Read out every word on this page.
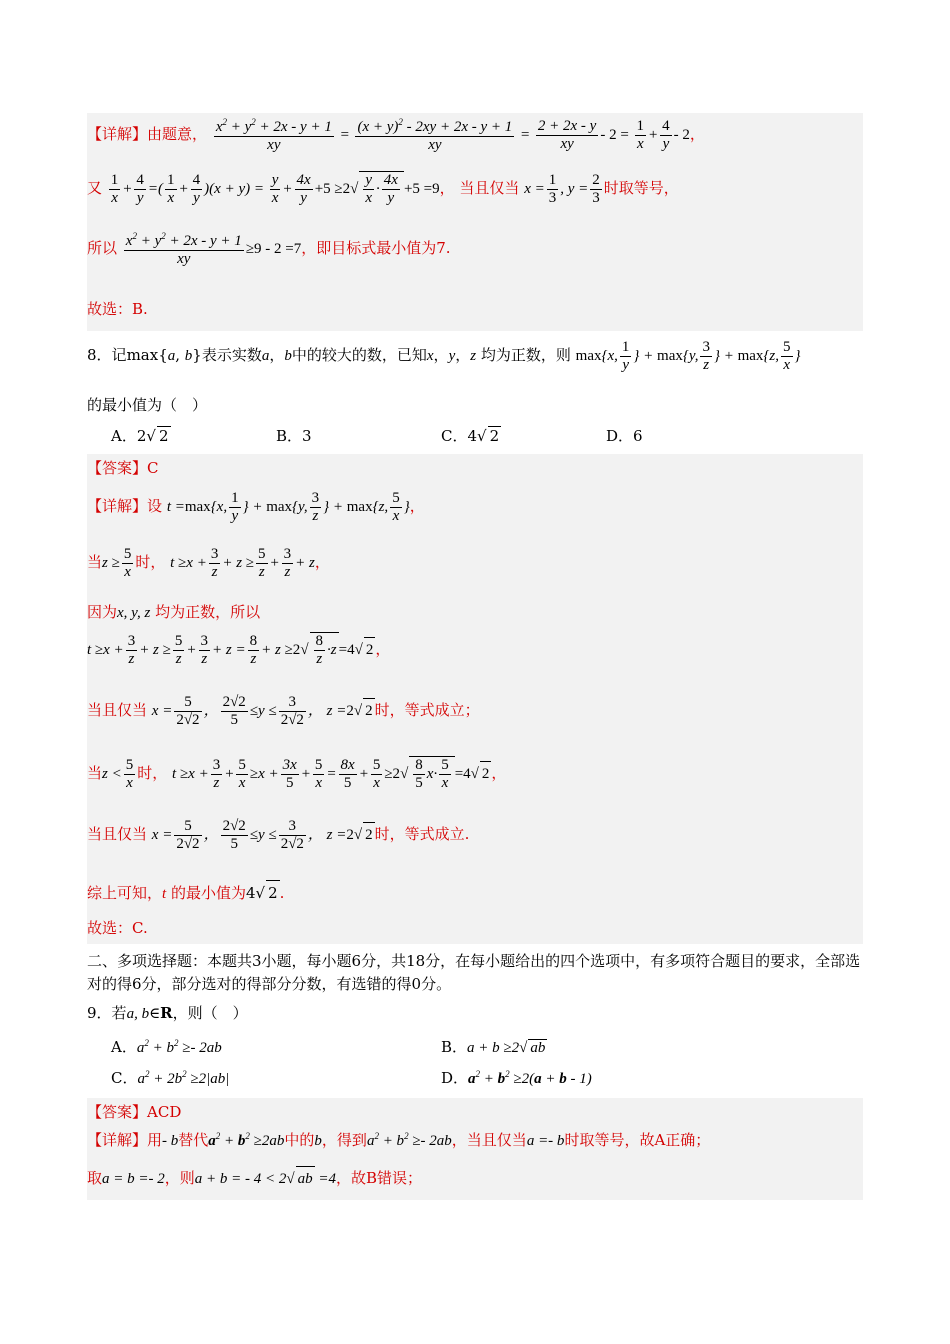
【详解】由题意， $\frac{x^2 + y^2 + 2x - y + 1}{xy} = \frac{(x + y)^2 - 2xy + 2x - y + 1}{xy} = \frac{2 + 2x - y}{xy} - 2 = \frac{1}{x} + \frac{4}{y} - 2$，
又 $\frac{1}{x} + \frac{4}{y}$ =( $\frac{1}{x} + \frac{4}{y} )(x + y) = \frac{y}{x} + \frac{4x}{y} +5 \ge 2√ \frac{y}{x} \cdot \frac{4x}{y} +5 =9$， 当且仅当 $x = \frac{1}{3}$ , $y = \frac{2}{3}$ 时取等号，
所以 $\frac{x^2 + y^2 + 2x - y + 1}{xy} \ge 9 - 2 =7$，即目标式最小值为7.
故选：B.
8．记max{a, b}表示实数a，b中的较大的数，已知x，y，z 均为正数，则 max{x, $\frac{1}{y}$ } + max{y, $\frac{3}{z}$ } + max{z, $\frac{5}{x}$ }
的最小值为（　）
A．2√ 2	B．3	C．4√ 2	D．6
【答案】C
【详解】设 t =max{x, $\frac{1}{y}$ } + max{y, $\frac{3}{z}$ } + max{z, $\frac{5}{x}$ }，
当$z \ge \frac{5}{x}$ 时， $t \ge x + \frac{3}{z} + z \ge \frac{5}{z} + \frac{3}{z} + z$，
因为x, y, z 均为正数，所以
$t \ge x + \frac{3}{z} + z \ge \frac{5}{z} + \frac{3}{z} + z = \frac{8}{z} + z \ge 2√ \frac{8}{z} \cdot z =4√$ 2 ，
当且仅当 $x = \frac{5}{2√2}$ ， $\frac{2√2}{5} \le y \le \frac{3}{2√2}$ ， z =2√ 2 时，等式成立；
当$z < \frac{5}{x}$ 时， $t \ge x + \frac{3}{z} + \frac{5}{x} \ge x + \frac{3x}{5} + \frac{5}{x} = \frac{8x}{5} + \frac{5}{x} \ge 2√ \frac{8}{5} x\cdot \frac{5}{x} =4√$ 2 ，
当且仅当 $x = \frac{5}{2√2}$ ， $\frac{2√2}{5} \le y \le \frac{3}{2√2}$ ， z =2√ 2 时，等式成立.
综上可知，t 的最小值为4√ 2 .
故选：C.
二、多项选择题：本题共3小题，每小题6分，共18分，在每小题给出的四个选项中，有多项符合题目的要求，全部选对的得6分，部分选对的得部分分数，有选错的得0分。
9．若a, b∈R，则（　）
A．$a^2 + b^2 \ge- 2ab$	B．a + b ≥2√ ab
C．$a^2 + 2b^2 \ge 2|ab|$	D．$a^2 + b^2 \ge 2(a + b - 1)$
【答案】ACD
【详解】用- b替代$a^2 + b^2 \ge 2ab$中的b，得到$a^2 + b^2 \ge- 2ab$，当且仅当a =- b时取等号，故A正确；
取a = b =- 2，则a + b = - 4 < 2√ ab =4，故B错误；
